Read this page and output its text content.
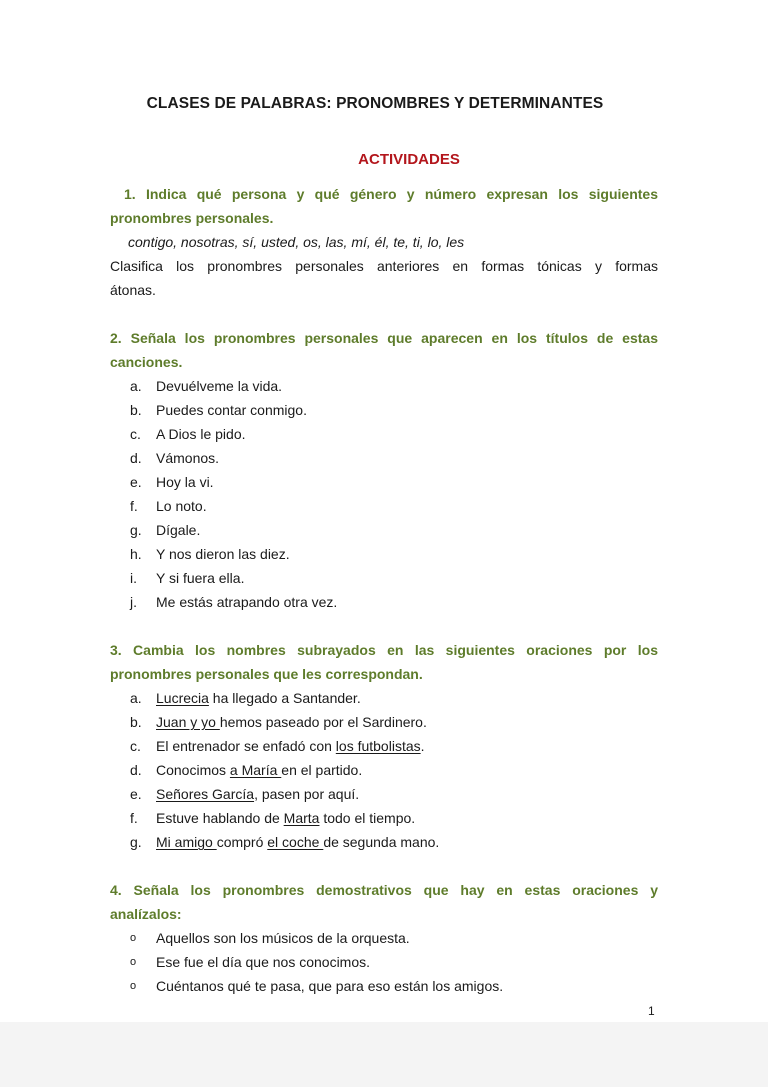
CLASES DE PALABRAS: PRONOMBRES Y DETERMINANTES
ACTIVIDADES
1. Indica qué persona y qué género y número expresan los siguientes
pronombres personales.
contigo, nosotras, sí, usted, os, las, mí, él, te, ti, lo, les
Clasifica los pronombres personales anteriores en formas tónicas y formas
átonas.
2. Señala los pronombres personales que aparecen en los títulos de estas
canciones.
a.	Devuélveme la vida.
b.	Puedes contar conmigo.
c.	A Dios le pido.
d.	Vámonos.
e.	Hoy la vi.
f.	Lo noto.
g.	Dígale.
h.	Y nos dieron las diez.
i.	Y si fuera ella.
j.	Me estás atrapando otra vez.
3. Cambia los nombres subrayados en las siguientes oraciones por los
pronombres personales que les correspondan.
a.	Lucrecia ha llegado a Santander.
b.	Juan y yo hemos paseado por el Sardinero.
c.	El entrenador se enfadó con los futbolistas.
d.	Conocimos a María en el partido.
e.	Señores García, pasen por aquí.
f.	Estuve hablando de Marta todo el tiempo.
g.	Mi amigo compró el coche de segunda mano.
4. Señala los pronombres demostrativos que hay en estas oraciones y
analízalos:
o	Aquellos son los músicos de la orquesta.
o	Ese fue el día que nos conocimos.
o	Cuéntanos qué te pasa, que para eso están los amigos.
1
